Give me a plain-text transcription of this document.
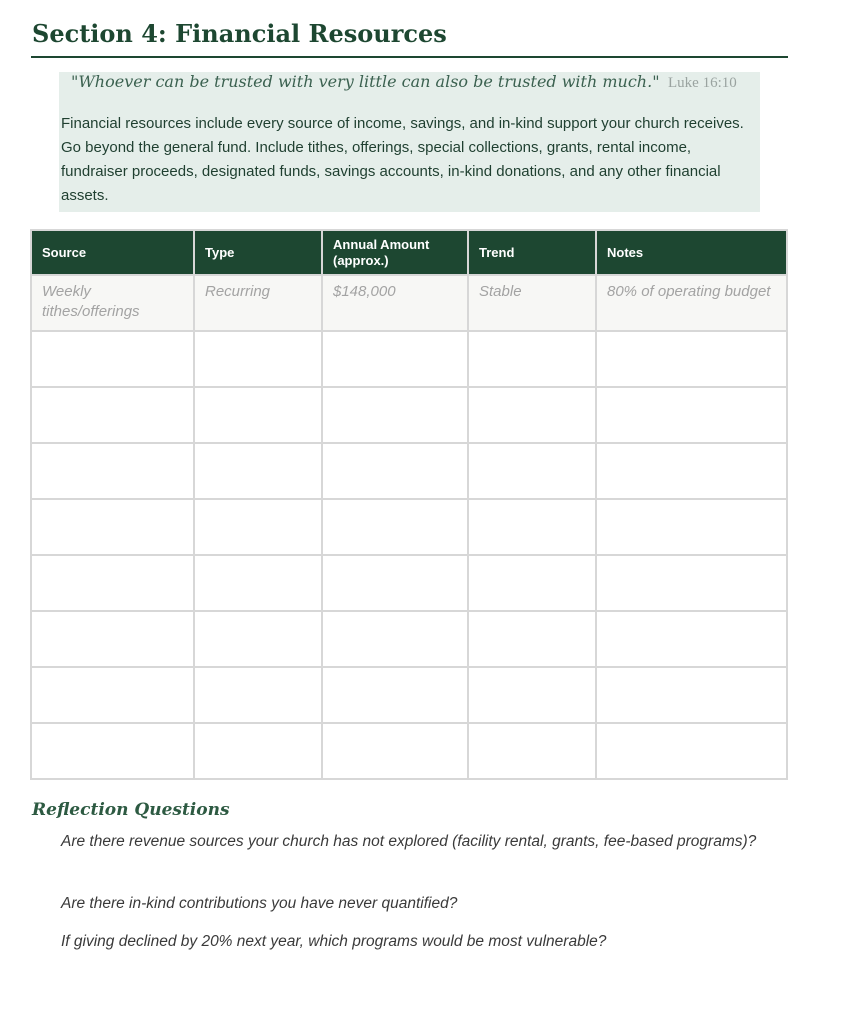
Section 4: Financial Resources
"Whoever can be trusted with very little can also be trusted with much." Luke 16:10

Financial resources include every source of income, savings, and in-kind support your church receives. Go beyond the general fund. Include tithes, offerings, special collections, grants, rental income, fundraiser proceeds, designated funds, savings accounts, in-kind donations, and any other financial assets.

Source	Type	Annual Amount (approx.)	Trend	Notes
Weekly tithes/offerings	Recurring	$148,000	Stable	80% of operating budget

Reflection Questions

Are there revenue sources your church has not explored (facility rental, grants, fee-based programs)?

Are there in-kind contributions you have never quantified?

If giving declined by 20% next year, which programs would be most vulnerable?
